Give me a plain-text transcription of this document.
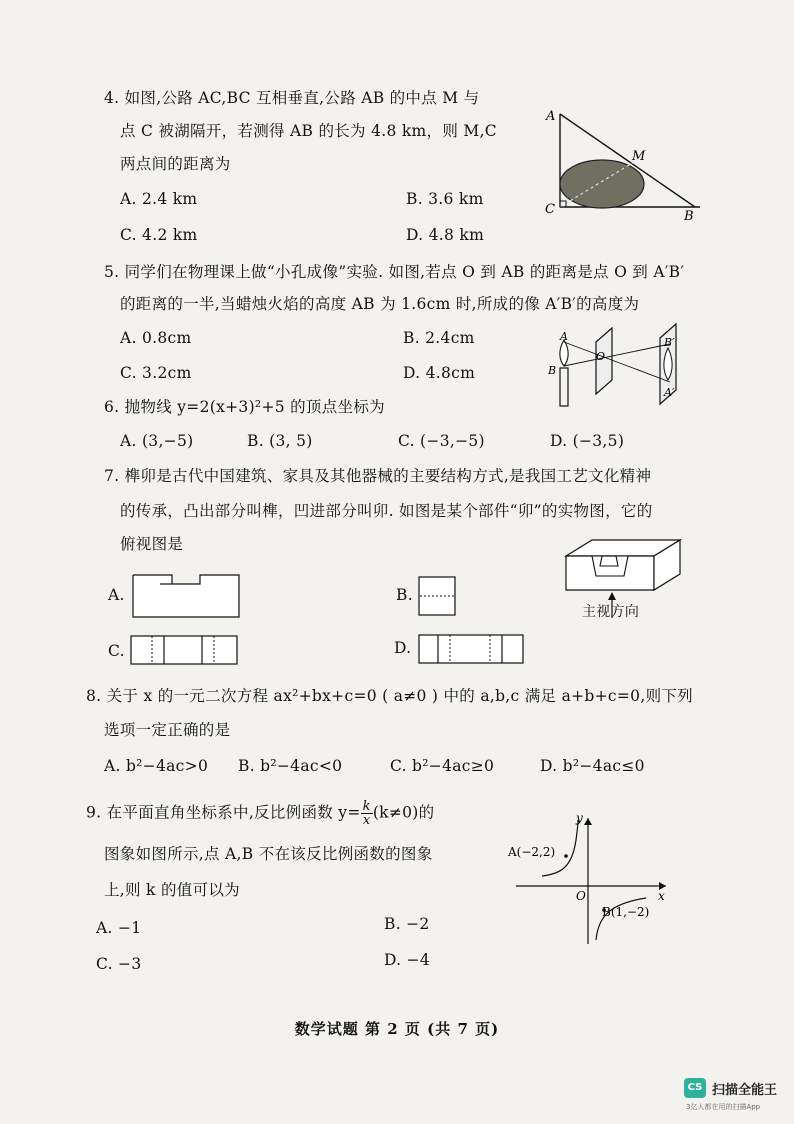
4. 如图,公路 AC,BC 互相垂直,公路 AB 的中点 M 与
点 C 被湖隔开，若测得 AB 的长为 4.8 km，则 M,C
两点间的距离为
A. 2.4 km	B. 3.6 km
C. 4.2 km	D. 4.8 km
A
M
C	B
5. 同学们在物理课上做“小孔成像”实验. 如图,若点 O 到 AB 的距离是点 O 到 A′B′
的距离的一半,当蜡烛火焰的高度 AB 为 1.6cm 时,所成的像 A′B′的高度为
A. 0.8cm	B. 2.4cm
C. 3.2cm	D. 4.8cm
A
B
O
B′
A′
6. 抛物线 y=2(x+3)²+5 的顶点坐标为
A. (3,−5)	B. (3, 5)	C. (−3,−5)	D. (−3,5)
7. 榫卯是古代中国建筑、家具及其他器械的主要结构方式,是我国工艺文化精神
的传承，凸出部分叫榫，凹进部分叫卯. 如图是某个部件“卯”的实物图，它的
俯视图是
主视方向
A.	B.
C.	D.
8. 关于 x 的一元二次方程 ax²+bx+c=0 ( a≠0 ) 中的 a,b,c 满足 a+b+c=0,则下列
选项一定正确的是
A. b²−4ac>0 B. b²−4ac<0	C. b²−4ac≥0	D. b²−4ac≤0
9. 在平面直角坐标系中,反比例函数 $y= \frac{k}{x} (k\ne 0)$的
图象如图所示,点 A,B 不在该反比例函数的图象
上,则 k 的值可以为
A. −1	B. −2
C. −3	D. −4
y
x
O
A(−2,2)
B(1,−2)
数学试题 第 2 页 (共 7 页)
CS 扫描全能王
3亿人都在用的扫描App
